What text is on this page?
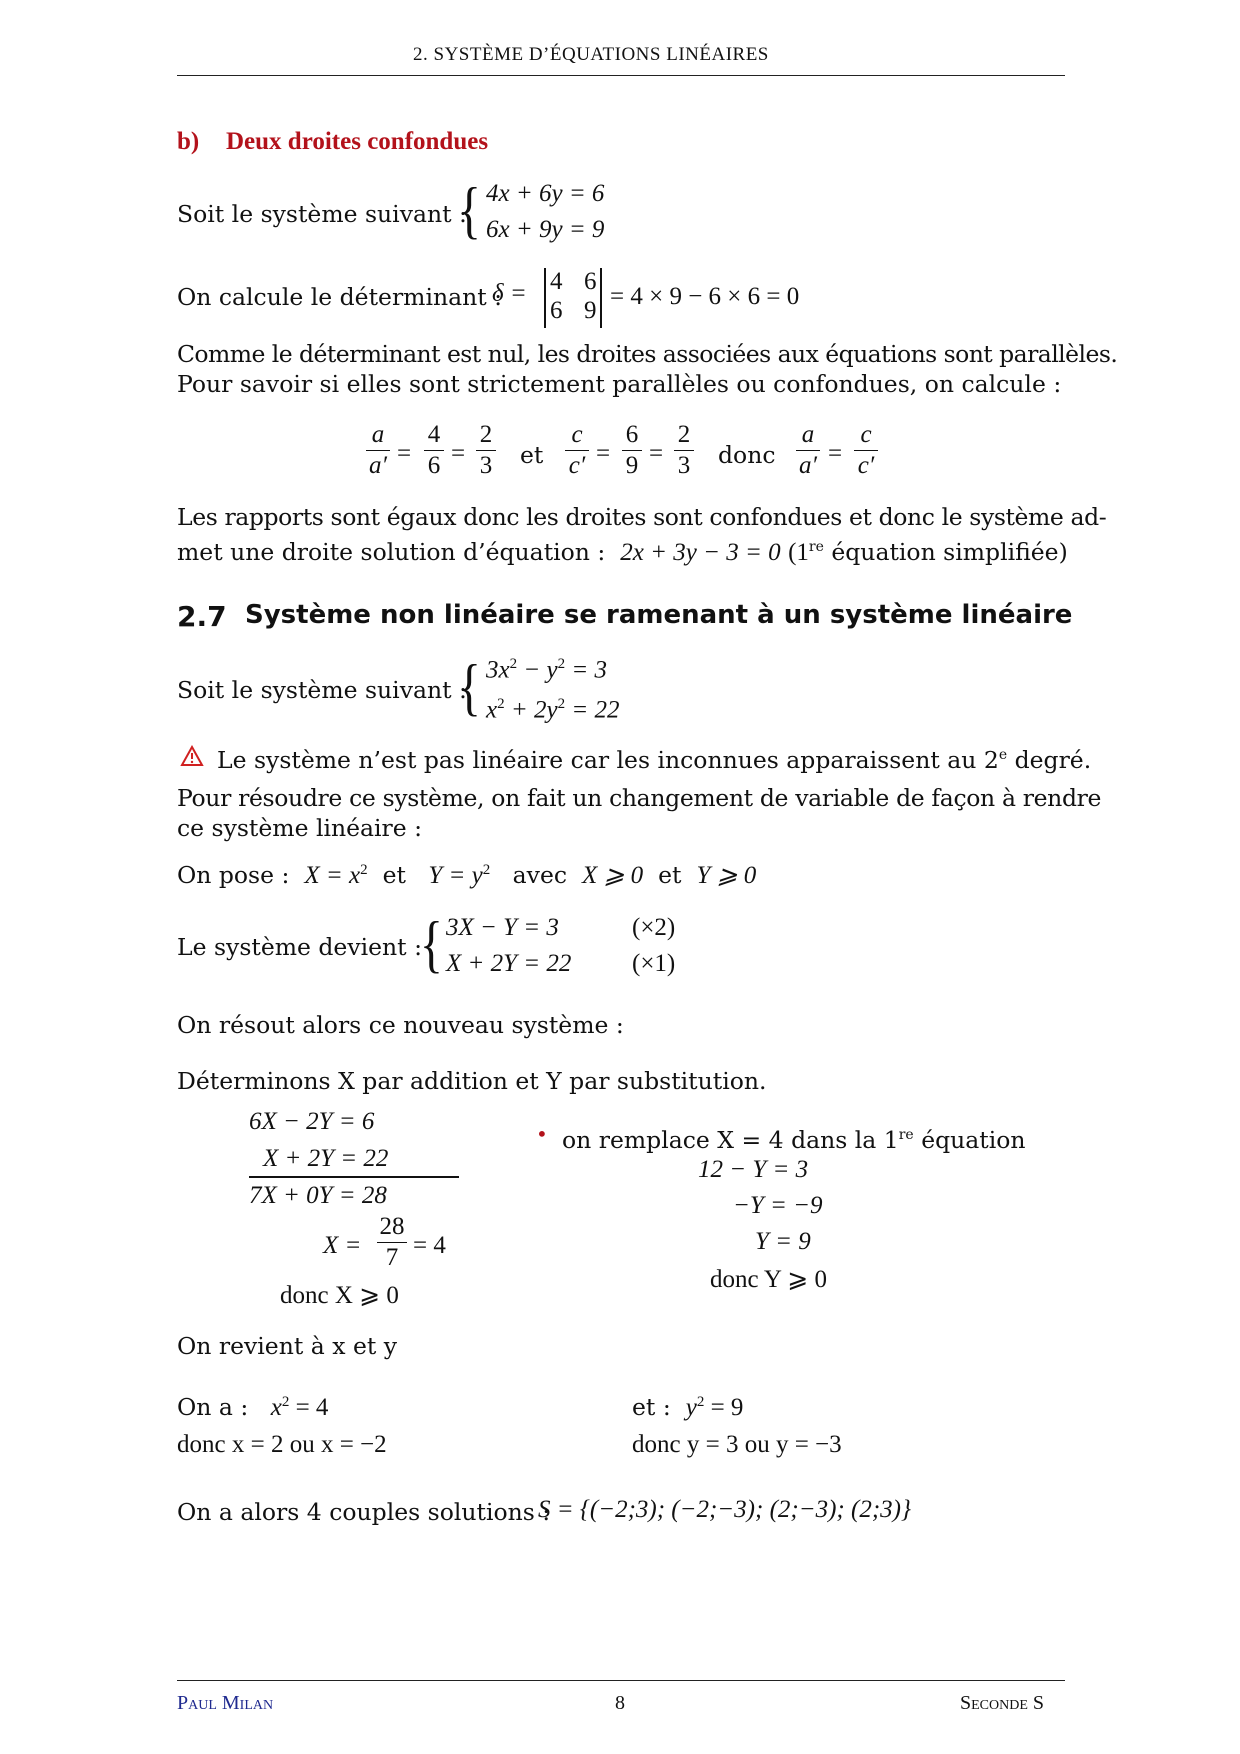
2. SYSTÈME D’ÉQUATIONS LINÉAIRES
b) Deux droites confondues
Soit le système suivant :
{ 4x + 6y = 6
6x + 9y = 9
On calcule le déterminant :
δ = 4 6
6 9
= 4 × 9 − 6 × 6 = 0
Comme le déterminant est nul, les droites associées aux équations sont parallèles.
Pour savoir si elles sont strictement parallèles ou confondues, on calcule :
a
a′ =
4
6 =
2
3 et
c
c′ =
6
9 =
2
3 donc
a
a′ =
c
c′
Les rapports sont égaux donc les droites sont confondues et donc le système ad-
met une droite solution d’équation : 2x + 3y − 3 = 0 (1re équation simplifiée)
2.7 Système non linéaire se ramenant à un système linéaire
Soit le système suivant :
{ $3x^2 - y^2 = 3$
$x^2 + 2y^2 = 22$
Le système n’est pas linéaire car les inconnues apparaissent au 2e degré.
Pour résoudre ce système, on fait un changement de variable de façon à rendre
ce système linéaire :
On pose : $X = x^2$ et $Y = y^2$ avec X ⩾ 0 et Y ⩾ 0
Le système devient :
{ 3X − Y = 3	(×2)
X + 2Y = 22 (×1)
On résout alors ce nouveau système :
Déterminons X par addition et Y par substitution.
6X − 2Y = 6
X + 2Y = 22
7X + 0Y = 28
X =
28
7 = 4
donc X ⩾ 0
• on remplace X = 4 dans la 1re équation
12 − Y = 3
−Y = −9
Y = 9
donc Y ⩾ 0
On revient à x et y
On a : $x^2 = 4$
donc x = 2 ou x = −2
et : $y^2 = 9$
donc y = 3 ou y = −3
On a alors 4 couples solutions :
S = {(−2;3); (−2;−3); (2;−3); (2;3)}
Paul Milan	8	Seconde S
